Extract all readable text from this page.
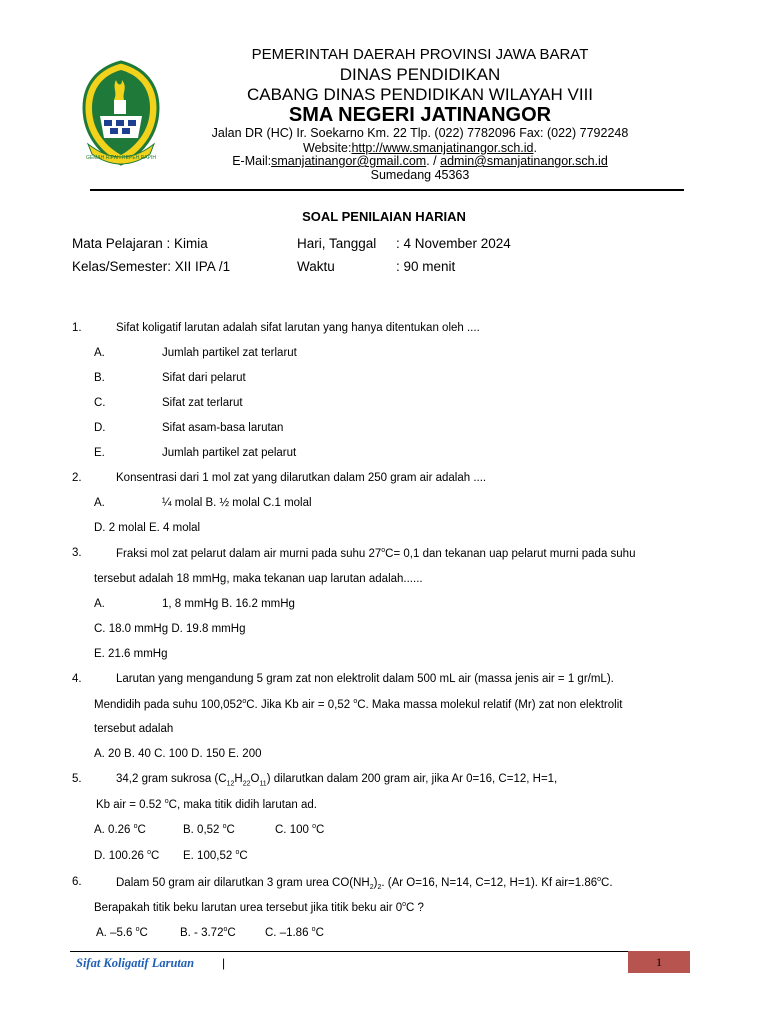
GEMAH RIPAH REPEH RAPIH
PEMERINTAH DAERAH PROVINSI JAWA BARAT
DINAS PENDIDIKAN
CABANG DINAS PENDIDIKAN WILAYAH VIII
SMA NEGERI JATINANGOR
Jalan DR (HC) Ir. Soekarno Km. 22 Tlp. (022) 7782096 Fax: (022) 7792248
Website:http://www.smanjatinangor.sch.id.
E-Mail:smanjatinangor@gmail.com. / admin@smanjatinangor.sch.id
Sumedang 45363
SOAL PENILAIAN HARIAN
Mata Pelajaran : Kimia	Hari, Tanggal : 4 November 2024
Kelas/Semester: XII IPA /1	Waktu	: 90 menit
1.	Sifat koligatif larutan adalah sifat larutan yang hanya ditentukan oleh ....
A.	Jumlah partikel zat terlarut
B.	Sifat dari pelarut
C.	Sifat zat terlarut
D.	Sifat asam-basa larutan
E.	Jumlah partikel zat pelarut
2.	Konsentrasi dari 1 mol zat yang dilarutkan dalam 250 gram air adalah ....
A.	¼ molal B. ½ molal C.1 molal
D. 2 molal E. 4 molal
3.	Fraksi mol zat pelarut dalam air murni pada suhu $27^oC= 0,1$ dan tekanan uap pelarut murni pada suhu
tersebut adalah 18 mmHg, maka tekanan uap larutan adalah......
A.	1, 8 mmHg B. 16.2 mmHg
C. 18.0 mmHg D. 19.8 mmHg
E. 21.6 mmHg
4.	Larutan yang mengandung 5 gram zat non elektrolit dalam 500 mL air (massa jenis air = 1 gr/mL).
Mendidih pada suhu 100,052$^o$C. Jika Kb air = 0,52 $^o$C. Maka massa molekul relatif (Mr) zat non elektrolit
tersebut adalah
A. 20 B. 40 C. 100 D. 150 E. 200
5.	34,2 gram sukrosa $(C_{12}H_{22}O_{11})$ dilarutkan dalam 200 gram air, jika Ar 0=16, C=12, H=1,
Kb air = 0.52 $^o$C, maka titik didih larutan ad.
A. 0.26 $^o$C	B. 0,52 $^o$C	C. 100 $^o$C
D. 100.26 $^o$C E. 100,52 $^o$C
6.	Dalam 50 gram air dilarutkan 3 gram urea $CO(NH_2)_2$. (Ar O=16, N=14, C=12, H=1). Kf $air=1.86^oC$.
Berapakah titik beku larutan urea tersebut jika titik beku air 0$^o$C ?
A. –5.6 $^o$C	B. - 3.72$^o$C	C. –1.86 $^o$C
Sifat Koligatif Larutan |	1
